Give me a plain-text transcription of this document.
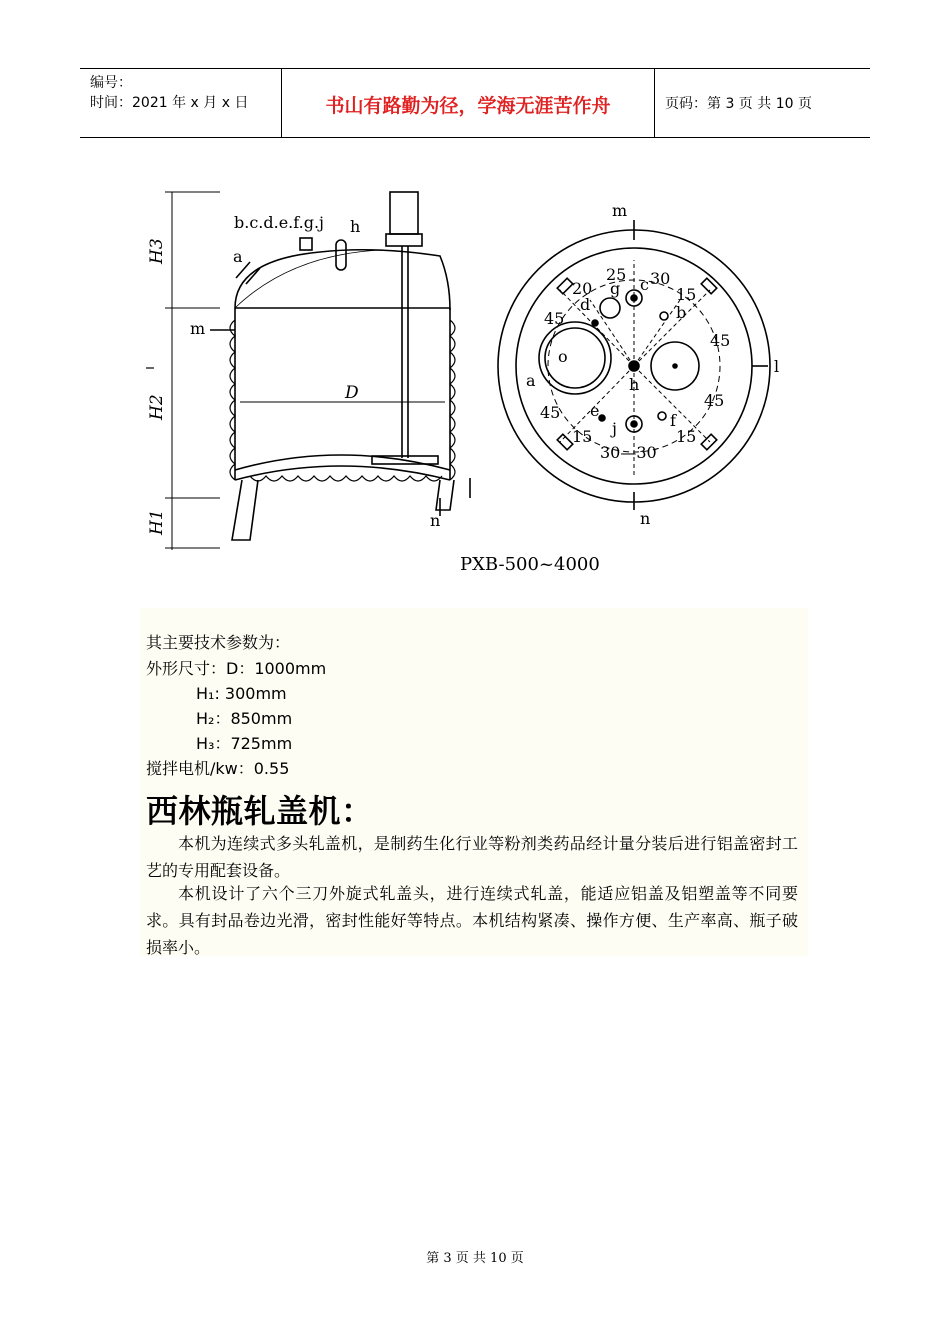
编号：
时间：2021 年 x 月 x 日	书山有路勤为径，学海无涯苦作舟	页码：第 3 页 共 10 页
H3
H2
H1
D
b.c.d.e.f.g.j h
a
m
n
m
n
l
a
o
h
b
d
g c
e
j	f
20
25 30
15
45
45
45
45
15	15
30—30
PXB-500~4000
其主要技术参数为：
外形尺寸：D：1000mm
H₁: 300mm
H₂：850mm
H₃：725mm
搅拌电机/kw：0.55
西林瓶轧盖机：
本机为连续式多头轧盖机，是制药生化行业等粉剂类药品经计量分装后进行铝盖密封工艺的专用配套设备。
本机设计了六个三刀外旋式轧盖头，进行连续式轧盖，能适应铝盖及铝塑盖等不同要求。具有封品卷边光滑，密封性能好等特点。本机结构紧凑、操作方便、生产率高、瓶子破损率小。
第 3 页 共 10 页
